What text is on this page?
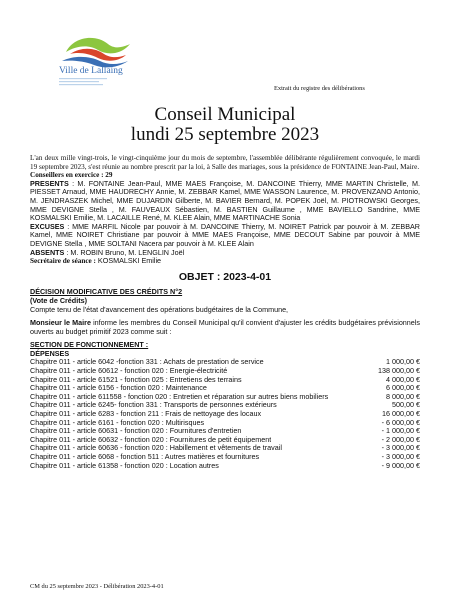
Ville de Lallaing
Extrait du registre des délibérations
Conseil Municipal
lundi 25 septembre 2023

L'an deux mille vingt-trois, le vingt-cinquième jour du mois de septembre, l'assemblée délibérante régulièrement convoquée, le mardi 19 septembre 2023, s'est réunie au nombre prescrit par la loi, à Salle des mariages, sous la présidence de FONTAINE Jean-Paul, Maire.

Conseillers en exercice : 29

PRESENTS : M. FONTAINE Jean-Paul, MME MAES Françoise, M. DANCOINE Thierry, MME MARTIN Christelle, M. PIESSET Arnaud, MME HAUDRECHY Annie, M. ZEBBAR Kamel, MME WASSON Laurence, M. PROVENZANO Antonio, M. JENDRASZEK Michel, MME DUJARDIN Gilberte, M. BAVIER Bernard, M. POPEK Joël, M. PIOTROWSKI Georges, MME DEVIGNE Stella , M. FAUVEAUX Sébastien, M. BASTIEN Guillaume , MME BAVIELLO Sandrine, MME KOSMALSKI Emilie, M. LACAILLE René, M. KLEE Alain, MME MARTINACHE Sonia

EXCUSES : MME MARFIL Nicole par pouvoir à M. DANCOINE Thierry, M. NOIRET Patrick par pouvoir à M. ZEBBAR Kamel, MME NOIRET Christiane par pouvoir à MME MAES Françoise, MME DECOUT Sabine par pouvoir à MME DEVIGNE Stella , MME SOLTANI Nacera par pouvoir à M. KLEE Alain

ABSENTS : M. ROBIN Bruno, M. LENGLIN Joël

Secrétaire de séance : KOSMALSKI Emilie

OBJET : 2023-4-01

DÉCISION MODIFICATIVE DES CRÉDITS N°2

(Vote de Crédits)

Compte tenu de l'état d'avancement des opérations budgétaires de la Commune,

Monsieur le Maire informe les membres du Conseil Municipal qu'il convient d'ajuster les crédits budgétaires prévisionnels ouverts au budget primitif 2023 comme suit :

SECTION DE FONCTIONNEMENT :

DÉPENSES

Chapitre 011 - article 6042 -fonction 331 : Achats de prestation de service	1 000,00 €
Chapitre 011 - article 60612 - fonction 020 : Energie-électricité	138 000,00 €
Chapitre 011 - article 61521 - fonction 025 : Entretiens des terrains	4 000,00 €
Chapitre 011 - article 6156 - fonction 020 : Maintenance	6 000,00 €
Chapitre 011 - article 611558 - fonction 020 : Entretien et réparation sur autres biens mobiliers	8 000,00 €
Chapitre 011 - article 6245- fonction 331 : Transports de personnes extérieurs	500,00 €
Chapitre 011 - article 6283 - fonction 211 : Frais de nettoyage des locaux	16 000,00 €
Chapitre 011 - article 6161 - fonction 020 : Multirisques	- 6 000,00 €
Chapitre 011 - article 60631 - fonction 020 : Fournitures d'entretien	- 1 000,00 €
Chapitre 011 - article 60632 - fonction 020 : Fournitures de petit équipement	- 2 000,00 €
Chapitre 011 - article 60636 - fonction 020 : Habillement et vêtements de travail	- 3 000,00 €
Chapitre 011 - article 6068 - fonction 511 : Autres matières et fournitures	- 3 000,00 €
Chapitre 011 - article 61358 - fonction 020 : Location autres	- 9 000,00 €
CM du 25 septembre 2023 - Délibération 2023-4-01
